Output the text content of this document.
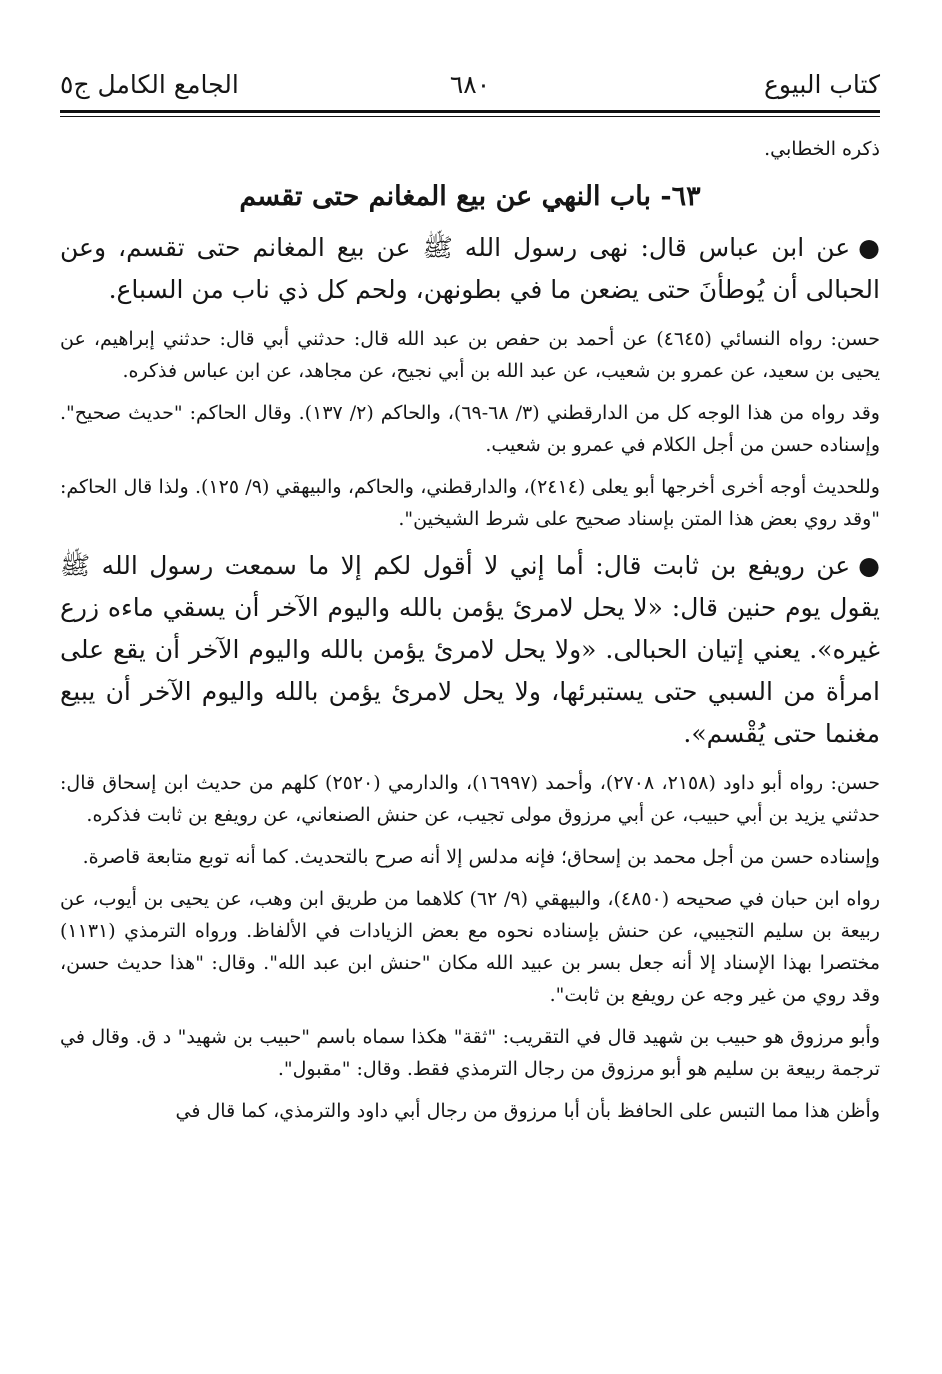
كتاب البيوع
٦٨٠
الجامع الكامل ج٥

ذكره الخطابي.

٦٣- باب النهي عن بيع المغانم حتى تقسم

●عن ابن عباس قال: نهى رسول الله ﷺ عن بيع المغانم حتى تقسم، وعن الحبالى أن يُوطأنَ حتى يضعن ما في بطونهن، ولحم كل ذي ناب من السباع.

حسن: رواه النسائي (٤٦٤٥) عن أحمد بن حفص بن عبد الله قال: حدثني أبي قال: حدثني إبراهيم، عن يحيى بن سعيد، عن عمرو بن شعيب، عن عبد الله بن أبي نجيح، عن مجاهد، عن ابن عباس فذكره.

وقد رواه من هذا الوجه كل من الدارقطني (٣/ ٦٨-٦٩)، والحاكم (٢/ ١٣٧). وقال الحاكم: "حديث صحيح". وإسناده حسن من أجل الكلام في عمرو بن شعيب.

وللحديث أوجه أخرى أخرجها أبو يعلى (٢٤١٤)، والدارقطني، والحاكم، والبيهقي (٩/ ١٢٥). ولذا قال الحاكم: "وقد روي بعض هذا المتن بإسناد صحيح على شرط الشيخين".

●عن رويفع بن ثابت قال: أما إني لا أقول لكم إلا ما سمعت رسول الله ﷺ يقول يوم حنين قال: «لا يحل لامرئ يؤمن بالله واليوم الآخر أن يسقي ماءه زرع غيره». يعني إتيان الحبالى. «ولا يحل لامرئ يؤمن بالله واليوم الآخر أن يقع على امرأة من السبي حتى يستبرئها، ولا يحل لامرئ يؤمن بالله واليوم الآخر أن يبيع مغنما حتى يُقْسم».

حسن: رواه أبو داود (٢١٥٨، ٢٧٠٨)، وأحمد (١٦٩٩٧)، والدارمي (٢٥٢٠) كلهم من حديث ابن إسحاق قال: حدثني يزيد بن أبي حبيب، عن أبي مرزوق مولى تجيب، عن حنش الصنعاني، عن رويفع بن ثابت فذكره.

وإسناده حسن من أجل محمد بن إسحاق؛ فإنه مدلس إلا أنه صرح بالتحديث. كما أنه توبع متابعة قاصرة.

رواه ابن حبان في صحيحه (٤٨٥٠)، والبيهقي (٩/ ٦٢) كلاهما من طريق ابن وهب، عن يحيى بن أيوب، عن ربيعة بن سليم التجيبي، عن حنش بإسناده نحوه مع بعض الزيادات في الألفاظ. ورواه الترمذي (١١٣١) مختصرا بهذا الإسناد إلا أنه جعل بسر بن عبيد الله مكان "حنش ابن عبد الله". وقال: "هذا حديث حسن، وقد روي من غير وجه عن رويفع بن ثابت".

وأبو مرزوق هو حبيب بن شهيد قال في التقريب: "ثقة" هكذا سماه باسم "حبيب بن شهيد" د ق. وقال في ترجمة ربيعة بن سليم هو أبو مرزوق من رجال الترمذي فقط. وقال: "مقبول".

وأظن هذا مما التبس على الحافظ بأن أبا مرزوق من رجال أبي داود والترمذي، كما قال في
